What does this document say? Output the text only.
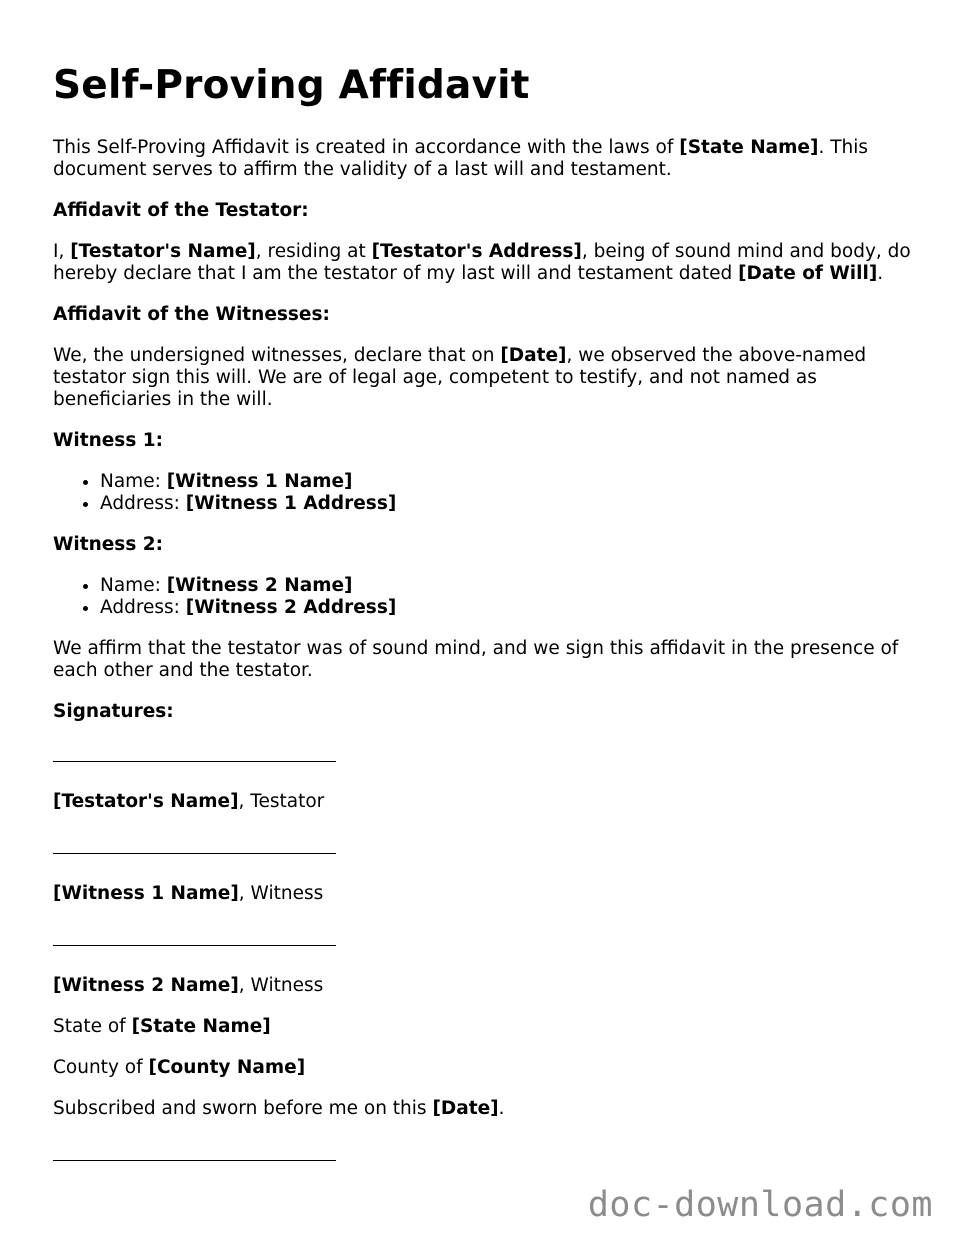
Self-Proving Affidavit

This Self-Proving Affidavit is created in accordance with the laws of [State Name]. This document serves to affirm the validity of a last will and testament.

Affidavit of the Testator:

I, [Testator's Name], residing at [Testator's Address], being of sound mind and body, do hereby declare that I am the testator of my last will and testament dated [Date of Will].

Affidavit of the Witnesses:

We, the undersigned witnesses, declare that on [Date], we observed the above-named testator sign this will. We are of legal age, competent to testify, and not named as beneficiaries in the will.

Witness 1:

• Name: [Witness 1 Name]
• Address: [Witness 1 Address]

Witness 2:

• Name: [Witness 2 Name]
• Address: [Witness 2 Address]

We affirm that the testator was of sound mind, and we sign this affidavit in the presence of each other and the testator.

Signatures:

[Testator's Name], Testator

[Witness 1 Name], Witness

[Witness 2 Name], Witness

State of [State Name]

County of [County Name]

Subscribed and sworn before me on this [Date].

doc-download.com
